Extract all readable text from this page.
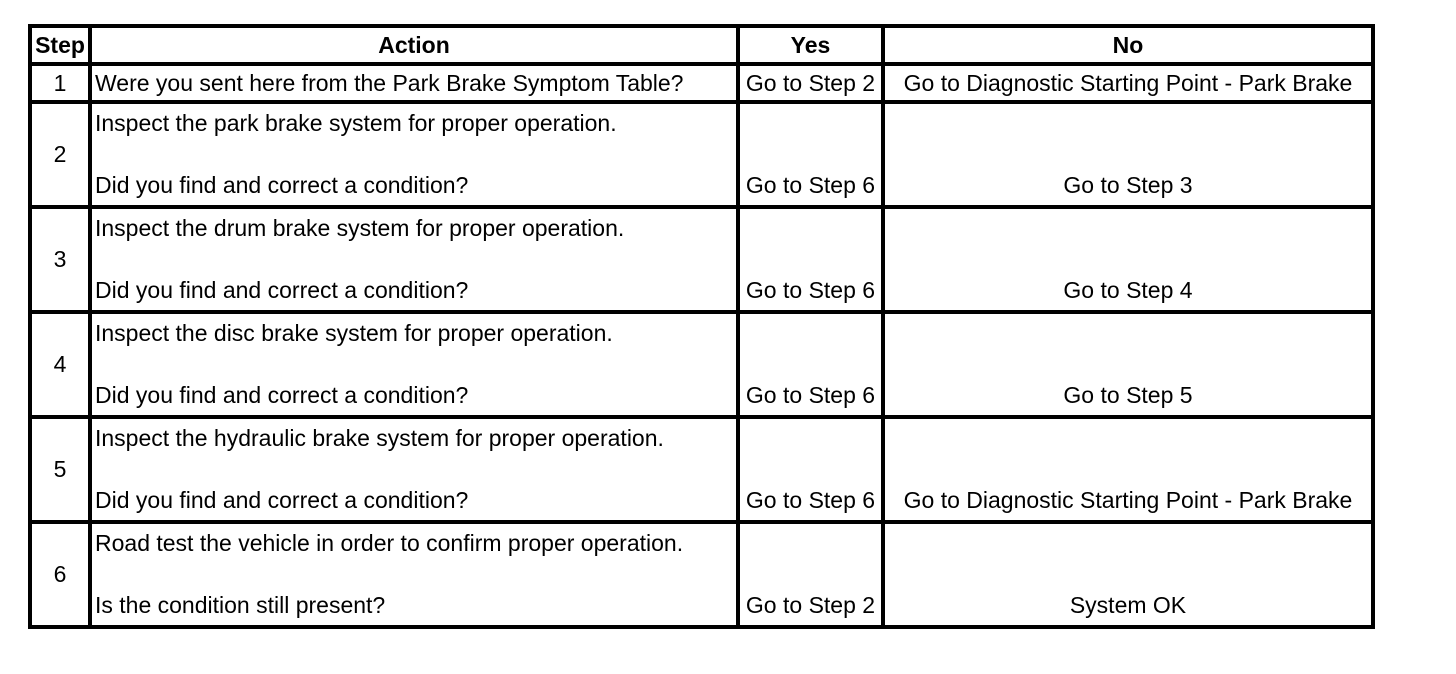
Step	Action	Yes	No
1	Were you sent here from the Park Brake Symptom Table?	Go to Step 2	Go to Diagnostic Starting Point - Park Brake
2	Inspect the park brake system for proper operation.
Did you find and correct a condition?	Go to Step 6	Go to Step 3

3	Inspect the drum brake system for proper operation.
Did you find and correct a condition?	Go to Step 6	Go to Step 4

4	Inspect the disc brake system for proper operation.
Did you find and correct a condition?	Go to Step 6	Go to Step 5

5	Inspect the hydraulic brake system for proper operation.
Did you find and correct a condition?	Go to Step 6	Go to Diagnostic Starting Point - Park Brake

6	Road test the vehicle in order to confirm proper operation.
Is the condition still present?	Go to Step 2	System OK
